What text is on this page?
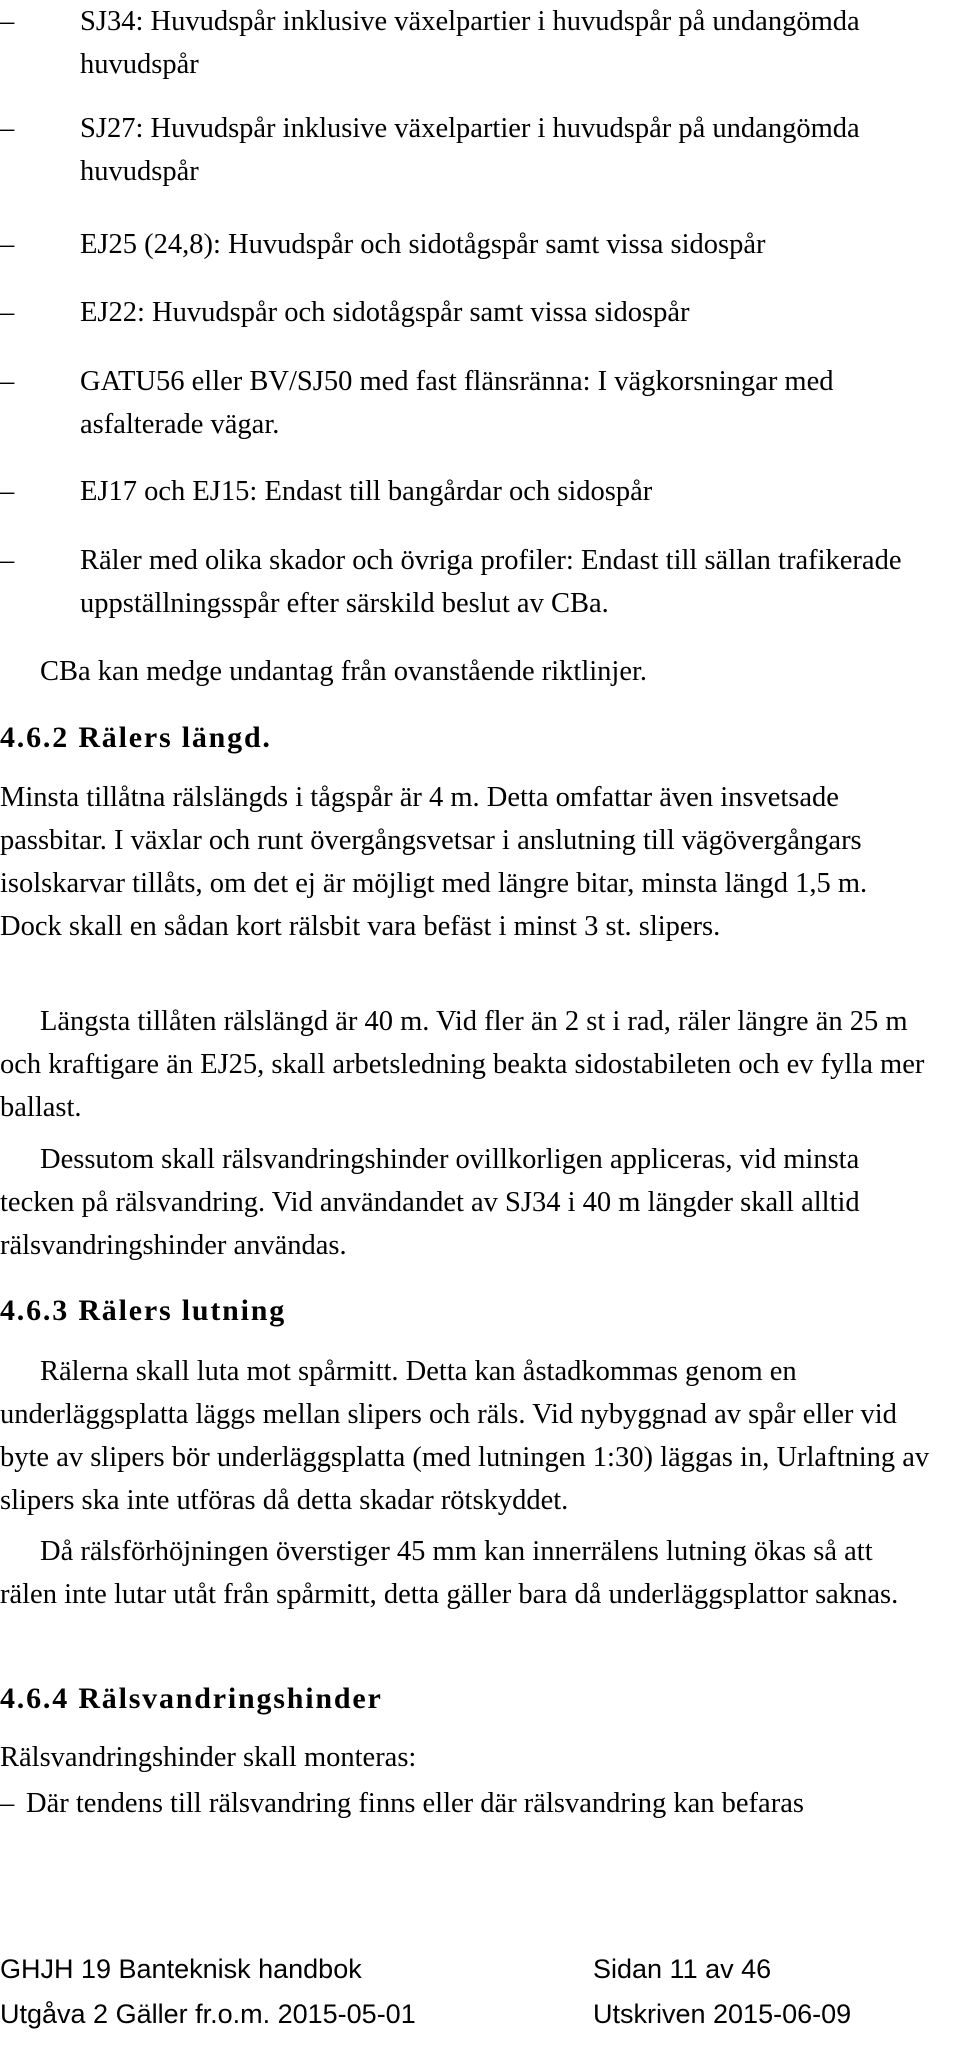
– SJ34: Huvudspår inklusive växelpartier i huvudspår på undangömda huvudspår

– SJ27: Huvudspår inklusive växelpartier i huvudspår på undangömda huvudspår

– EJ25 (24,8): Huvudspår och sidotågspår samt vissa sidospår

– EJ22: Huvudspår och sidotågspår samt vissa sidospår

– GATU56 eller BV/SJ50 med fast flänsränna: I vägkorsningar med asfalterade vägar.

– EJ17 och EJ15: Endast till bangårdar och sidospår

– Räler med olika skador och övriga profiler: Endast till sällan trafikerade uppställningsspår efter särskild beslut av CBa.

CBa kan medge undantag från ovanstående riktlinjer.

4.6.2 Rälers längd.

Minsta tillåtna rälslängds i tågspår är 4 m. Detta omfattar även insvetsade passbitar. I växlar och runt övergångsvetsar i anslutning till vägövergångars isolskarvar tillåts, om det ej är möjligt med längre bitar, minsta längd 1,5 m. Dock skall en sådan kort rälsbit vara befäst i minst 3 st. slipers.

Längsta tillåten rälslängd är 40 m. Vid fler än 2 st i rad, räler längre än 25 m och kraftigare än EJ25, skall arbetsledning beakta sidostabileten och ev fylla mer ballast.

Dessutom skall rälsvandringshinder ovillkorligen appliceras, vid minsta tecken på rälsvandring. Vid användandet av SJ34 i 40 m längder skall alltid rälsvandringshinder användas.

4.6.3 Rälers lutning

Rälerna skall luta mot spårmitt. Detta kan åstadkommas genom en underläggsplatta läggs mellan slipers och räls. Vid nybyggnad av spår eller vid byte av slipers bör underläggsplatta (med lutningen 1:30) läggas in, Urlaftning av slipers ska inte utföras då detta skadar rötskyddet.

Då rälsförhöjningen överstiger 45 mm kan innerrälens lutning ökas så att rälen inte lutar utåt från spårmitt, detta gäller bara då underläggsplattor saknas.

4.6.4 Rälsvandringshinder

Rälsvandringshinder skall monteras:

– Där tendens till rälsvandring finns eller där rälsvandring kan befaras

GHJH 19 Banteknisk handbok	Sidan 11 av 46

Utgåva 2 Gäller fr.o.m. 2015-05-01	Utskriven 2015-06-09
